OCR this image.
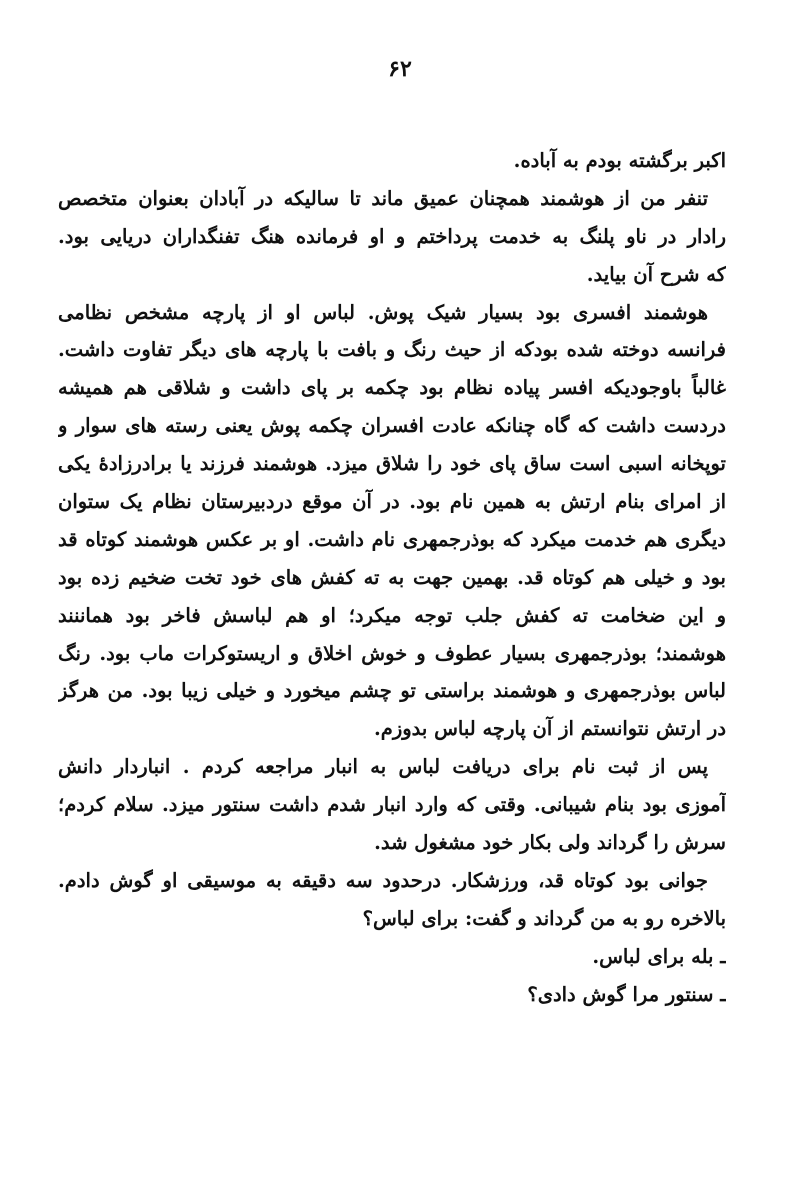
۶۲
اکبر برگشته بودم به آباده.
تنفر من از هوشمند همچنان عمیق ماند تا سالیکه در آبادان بعنوان متخصص
رادار در ناو پلنگ به خدمت پرداختم و او فرمانده هنگ تفنگداران دریایی بود.
که شرح آن بیاید.
هوشمند افسری بود بسیار شیک پوش. لباس او از پارچه مشخص نظامی
فرانسه دوخته شده بودکه از حیث رنگ و بافت با پارچه های دیگر تفاوت داشت.
غالباً باوجودیکه افسر پیاده نظام بود چکمه بر پای داشت و شلاقی هم همیشه
دردست داشت که گاه چنانکه عادت افسران چکمه پوش یعنی رسته های سوار و
توپخانه اسبی است ساق پای خود را شلاق میزد. هوشمند فرزند یا برادرزادهٔ یکی
از امرای بنام ارتش به همین نام بود. در آن موقع دردبیرستان نظام یک ستوان
دیگری هم خدمت میکرد که بوذرجمهری نام داشت. او بر عکس هوشمند کوتاه قد
بود و خیلی هم کوتاه قد. بهمین جهت به ته کفش های خود تخت ضخیم زده بود
و این ضخامت ته کفش جلب توجه میکرد؛ او هم لباسش فاخر بود هماننند
هوشمند؛ بوذرجمهری بسیار عطوف و خوش اخلاق و اریستوکرات ماب بود. رنگ
لباس بوذرجمهری و هوشمند براستی تو چشم میخورد و خیلی زیبا بود. من هرگز
در ارتش نتوانستم از آن پارچه لباس بدوزم.
پس از ثبت نام برای دریافت لباس به انبار مراجعه کردم . انباردار دانش
آموزی بود بنام شیبانی. وقتی که وارد انبار شدم داشت سنتور میزد. سلام کردم؛
سرش را گرداند ولی بکار خود مشغول شد.
جوانی بود کوتاه قد، ورزشکار. درحدود سه دقیقه به موسیقی او گوش دادم.
بالاخره رو به من گرداند و گفت: برای لباس؟
ـ بله برای لباس.
ـ سنتور مرا گوش دادی؟
